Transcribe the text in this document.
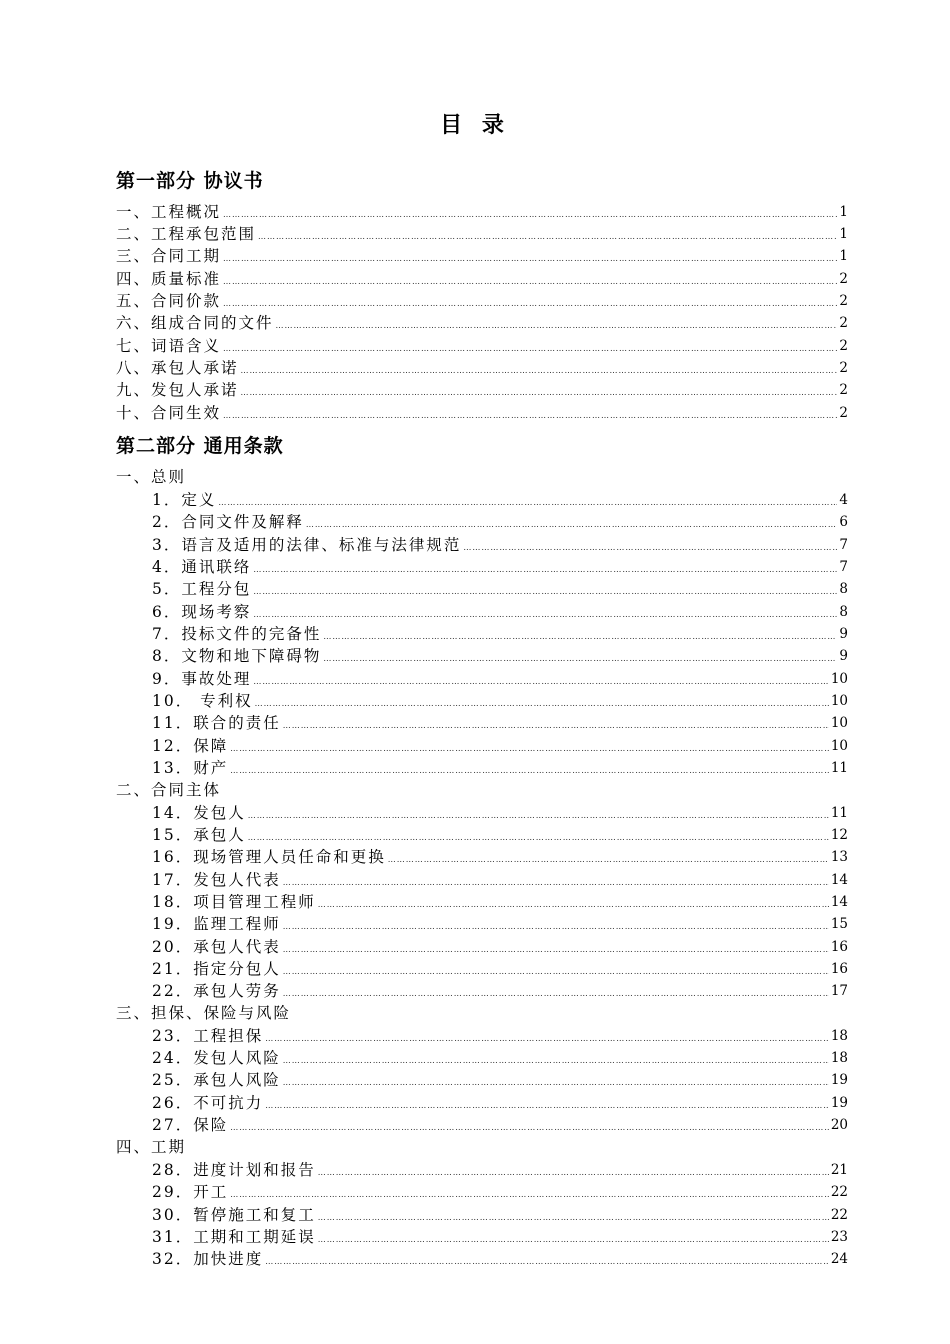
目 录
第一部分 协议书
一、工程概况 …………………………………………………………………………………………………………………………………………………………………………………………………………………………………………………………………………………	1
二、工程承包范围 …………………………………………………………………………………………………………………………………………………………………………………………………………………………………………………………………………………	1
三、合同工期 …………………………………………………………………………………………………………………………………………………………………………………………………………………………………………………………………………………	1
四、质量标准 …………………………………………………………………………………………………………………………………………………………………………………………………………………………………………………………………………………	2
五、合同价款 …………………………………………………………………………………………………………………………………………………………………………………………………………………………………………………………………………………	2
六、组成合同的文件 …………………………………………………………………………………………………………………………………………………………………………………………………………………………………………………………………………………	2
七、词语含义 …………………………………………………………………………………………………………………………………………………………………………………………………………………………………………………………………………………	2
八、承包人承诺 …………………………………………………………………………………………………………………………………………………………………………………………………………………………………………………………………………………	2
九、发包人承诺 …………………………………………………………………………………………………………………………………………………………………………………………………………………………………………………………………………………	2
十、合同生效 …………………………………………………………………………………………………………………………………………………………………………………………………………………………………………………………………………………	2
第二部分 通用条款
一、总则
1．定义 …………………………………………………………………………………………………………………………………………………………………………………………………………………………………………………………………………………	4
2．合同文件及解释 …………………………………………………………………………………………………………………………………………………………………………………………………………………………………………………………………………………	6
3．语言及适用的法律、标准与法律规范 …………………………………………………………………………………………………………………………………………………………………………………………………………………………………………………………………………………	7
4．通讯联络 …………………………………………………………………………………………………………………………………………………………………………………………………………………………………………………………………………………	7
5．工程分包 …………………………………………………………………………………………………………………………………………………………………………………………………………………………………………………………………………………	8
6．现场考察 …………………………………………………………………………………………………………………………………………………………………………………………………………………………………………………………………………………	8
7．投标文件的完备性 …………………………………………………………………………………………………………………………………………………………………………………………………………………………………………………………………………………	9
8．文物和地下障碍物 …………………………………………………………………………………………………………………………………………………………………………………………………………………………………………………………………………………	9
9．事故处理 …………………………………………………………………………………………………………………………………………………………………………………………………………………………………………………………………………………	10
10． 专利权 …………………………………………………………………………………………………………………………………………………………………………………………………………………………………………………………………………………	10
11．联合的责任 …………………………………………………………………………………………………………………………………………………………………………………………………………………………………………………………………………………	10
12．保障 …………………………………………………………………………………………………………………………………………………………………………………………………………………………………………………………………………………	10
13．财产 …………………………………………………………………………………………………………………………………………………………………………………………………………………………………………………………………………………	11
二、合同主体
14．发包人 …………………………………………………………………………………………………………………………………………………………………………………………………………………………………………………………………………………	11
15．承包人 …………………………………………………………………………………………………………………………………………………………………………………………………………………………………………………………………………………	12
16．现场管理人员任命和更换 …………………………………………………………………………………………………………………………………………………………………………………………………………………………………………………………………………………	13
17．发包人代表 …………………………………………………………………………………………………………………………………………………………………………………………………………………………………………………………………………………	14
18．项目管理工程师 …………………………………………………………………………………………………………………………………………………………………………………………………………………………………………………………………………………	14
19．监理工程师 …………………………………………………………………………………………………………………………………………………………………………………………………………………………………………………………………………………	15
20．承包人代表 …………………………………………………………………………………………………………………………………………………………………………………………………………………………………………………………………………………	16
21．指定分包人 …………………………………………………………………………………………………………………………………………………………………………………………………………………………………………………………………………………	16
22．承包人劳务 …………………………………………………………………………………………………………………………………………………………………………………………………………………………………………………………………………………	17
三、担保、保险与风险
23．工程担保 …………………………………………………………………………………………………………………………………………………………………………………………………………………………………………………………………………………	18
24．发包人风险 …………………………………………………………………………………………………………………………………………………………………………………………………………………………………………………………………………………	18
25．承包人风险 …………………………………………………………………………………………………………………………………………………………………………………………………………………………………………………………………………………	19
26．不可抗力 …………………………………………………………………………………………………………………………………………………………………………………………………………………………………………………………………………………	19
27．保险 …………………………………………………………………………………………………………………………………………………………………………………………………………………………………………………………………………………	20
四、工期
28．进度计划和报告 …………………………………………………………………………………………………………………………………………………………………………………………………………………………………………………………………………………	21
29．开工 …………………………………………………………………………………………………………………………………………………………………………………………………………………………………………………………………………………	22
30．暂停施工和复工 …………………………………………………………………………………………………………………………………………………………………………………………………………………………………………………………………………………	22
31．工期和工期延误 …………………………………………………………………………………………………………………………………………………………………………………………………………………………………………………………………………………	23
32．加快进度 …………………………………………………………………………………………………………………………………………………………………………………………………………………………………………………………………………………	24
